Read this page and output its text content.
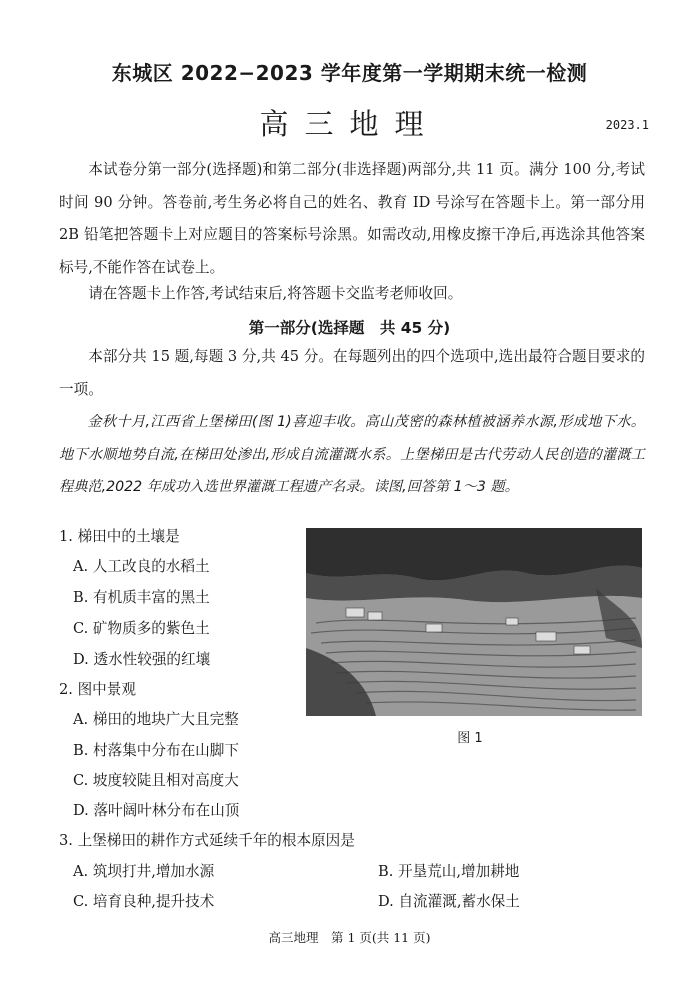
东城区 2022−2023 学年度第一学期期末统一检测
高三地理	2023.1

本试卷分第一部分(选择题)和第二部分(非选择题)两部分,共 11 页。满分 100 分,考试时间 90 分钟。答卷前,考生务必将自己的姓名、教育 ID 号涂写在答题卡上。第一部分用 2B 铅笔把答题卡上对应题目的答案标号涂黑。如需改动,用橡皮擦干净后,再选涂其他答案标号,不能作答在试卷上。

请在答题卡上作答,考试结束后,将答题卡交监考老师收回。

第一部分(选择题　共 45 分)

本部分共 15 题,每题 3 分,共 45 分。在每题列出的四个选项中,选出最符合题目要求的一项。

金秋十月,江西省上堡梯田(图 1)喜迎丰收。高山茂密的森林植被涵养水源,形成地下水。地下水顺地势自流,在梯田处渗出,形成自流灌溉水系。上堡梯田是古代劳动人民创造的灌溉工程典范,2022 年成功入选世界灌溉工程遗产名录。读图,回答第 1～3 题。

1. 梯田中的土壤是
A. 人工改良的水稻土
B. 有机质丰富的黑土
C. 矿物质多的紫色土
D. 透水性较强的红壤
2. 图中景观
A. 梯田的地块广大且完整
B. 村落集中分布在山脚下
C. 坡度较陡且相对高度大
D. 落叶阔叶林分布在山顶
3. 上堡梯田的耕作方式延续千年的根本原因是
A. 筑坝打井,增加水源	B. 开垦荒山,增加耕地
C. 培育良种,提升技术	D. 自流灌溉,蓄水保土
图 1
高三地理　第 1 页(共 11 页)
